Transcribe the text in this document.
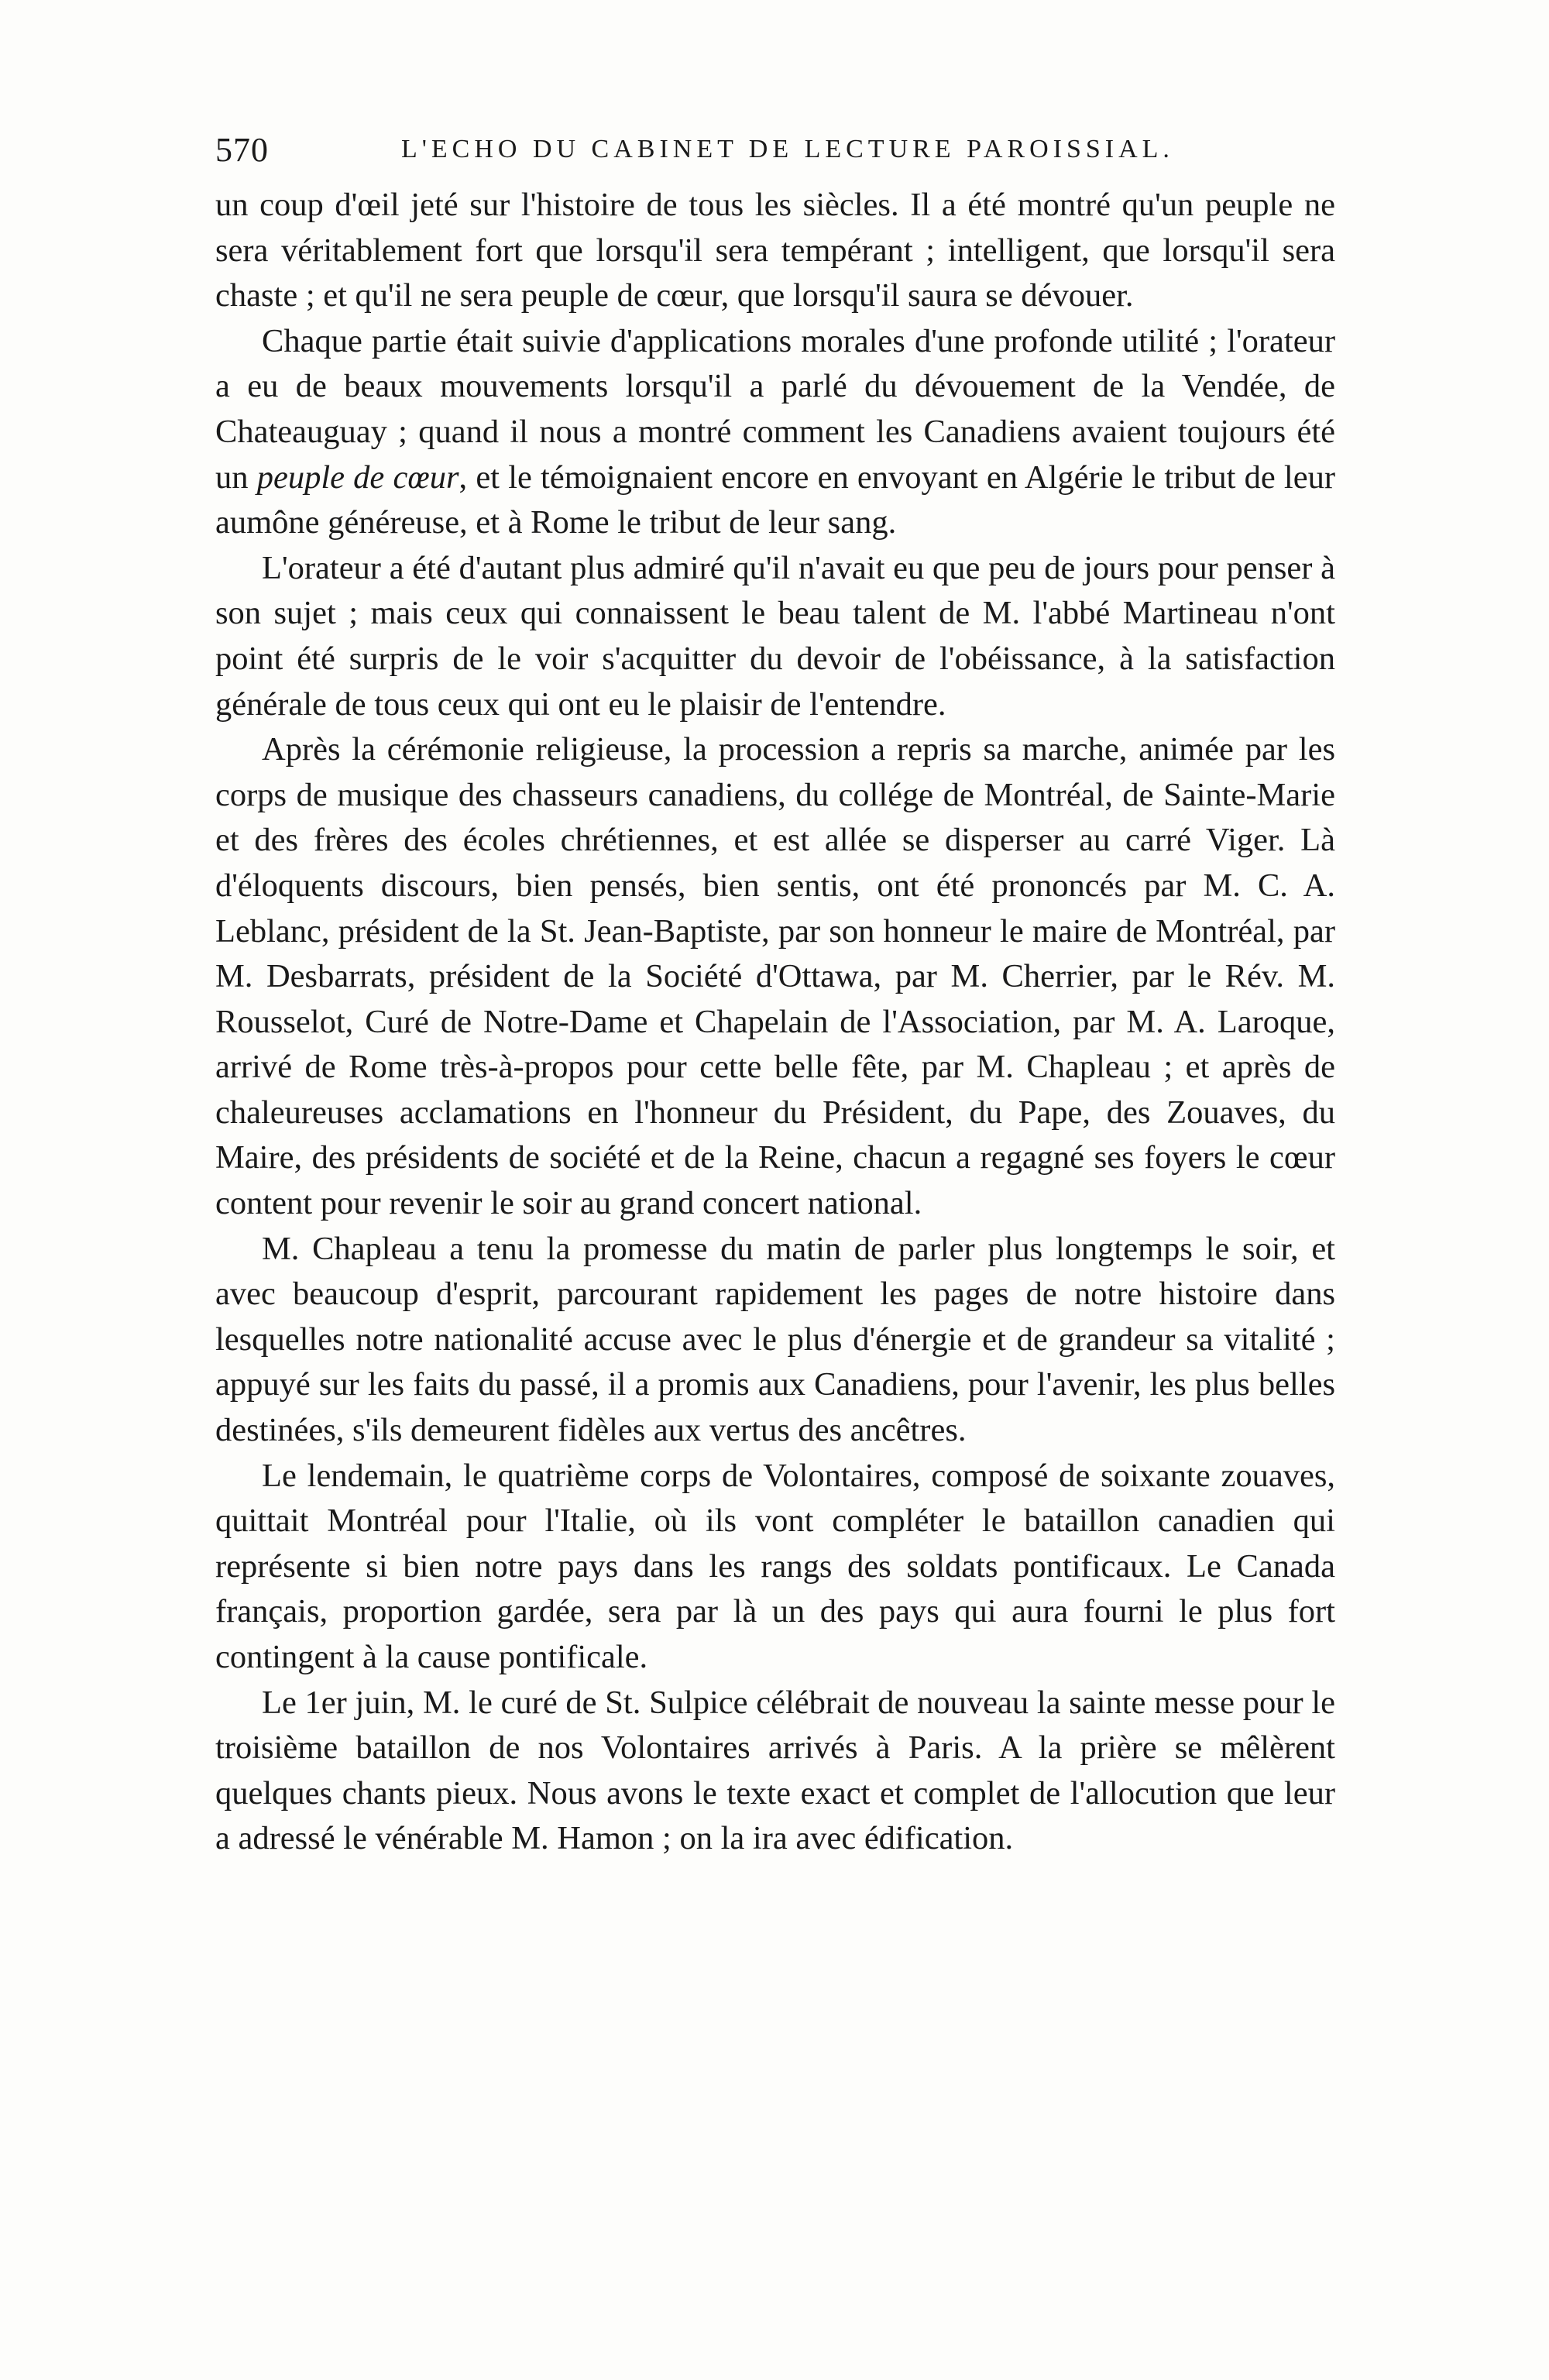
570	L'ECHO DU CABINET DE LECTURE PAROISSIAL.

un coup d'œil jeté sur l'histoire de tous les siècles. Il a été montré qu'un peuple ne sera véritablement fort que lorsqu'il sera tempérant ; intelligent, que lorsqu'il sera chaste ; et qu'il ne sera peuple de cœur, que lorsqu'il saura se dévouer.

Chaque partie était suivie d'applications morales d'une profonde utilité ; l'orateur a eu de beaux mouvements lorsqu'il a parlé du dévouement de la Vendée, de Chateauguay ; quand il nous a montré comment les Canadiens avaient toujours été un peuple de cœur, et le témoignaient encore en envoyant en Algérie le tribut de leur aumône généreuse, et à Rome le tribut de leur sang.

L'orateur a été d'autant plus admiré qu'il n'avait eu que peu de jours pour penser à son sujet ; mais ceux qui connaissent le beau talent de M. l'abbé Martineau n'ont point été surpris de le voir s'acquitter du devoir de l'obéissance, à la satisfaction générale de tous ceux qui ont eu le plaisir de l'entendre.

Après la cérémonie religieuse, la procession a repris sa marche, animée par les corps de musique des chasseurs canadiens, du collége de Montréal, de Sainte-Marie et des frères des écoles chrétiennes, et est allée se disperser au carré Viger. Là d'éloquents discours, bien pensés, bien sentis, ont été prononcés par M. C. A. Leblanc, président de la St. Jean-Baptiste, par son honneur le maire de Montréal, par M. Desbarrats, président de la Société d'Ottawa, par M. Cherrier, par le Rév. M. Rousselot, Curé de Notre-Dame et Chapelain de l'Association, par M. A. Laroque, arrivé de Rome très-à-propos pour cette belle fête, par M. Chapleau ; et après de chaleureuses acclamations en l'honneur du Président, du Pape, des Zouaves, du Maire, des présidents de société et de la Reine, chacun a regagné ses foyers le cœur content pour revenir le soir au grand concert national.

M. Chapleau a tenu la promesse du matin de parler plus longtemps le soir, et avec beaucoup d'esprit, parcourant rapidement les pages de notre histoire dans lesquelles notre nationalité accuse avec le plus d'énergie et de grandeur sa vitalité ; appuyé sur les faits du passé, il a promis aux Canadiens, pour l'avenir, les plus belles destinées, s'ils demeurent fidèles aux vertus des ancêtres.

Le lendemain, le quatrième corps de Volontaires, composé de soixante zouaves, quittait Montréal pour l'Italie, où ils vont compléter le bataillon canadien qui représente si bien notre pays dans les rangs des soldats pontificaux. Le Canada français, proportion gardée, sera par là un des pays qui aura fourni le plus fort contingent à la cause pontificale.

Le 1er juin, M. le curé de St. Sulpice célébrait de nouveau la sainte messe pour le troisième bataillon de nos Volontaires arrivés à Paris. A la prière se mêlèrent quelques chants pieux. Nous avons le texte exact et complet de l'allocution que leur a adressé le vénérable M. Hamon ; on la ira avec édification.
